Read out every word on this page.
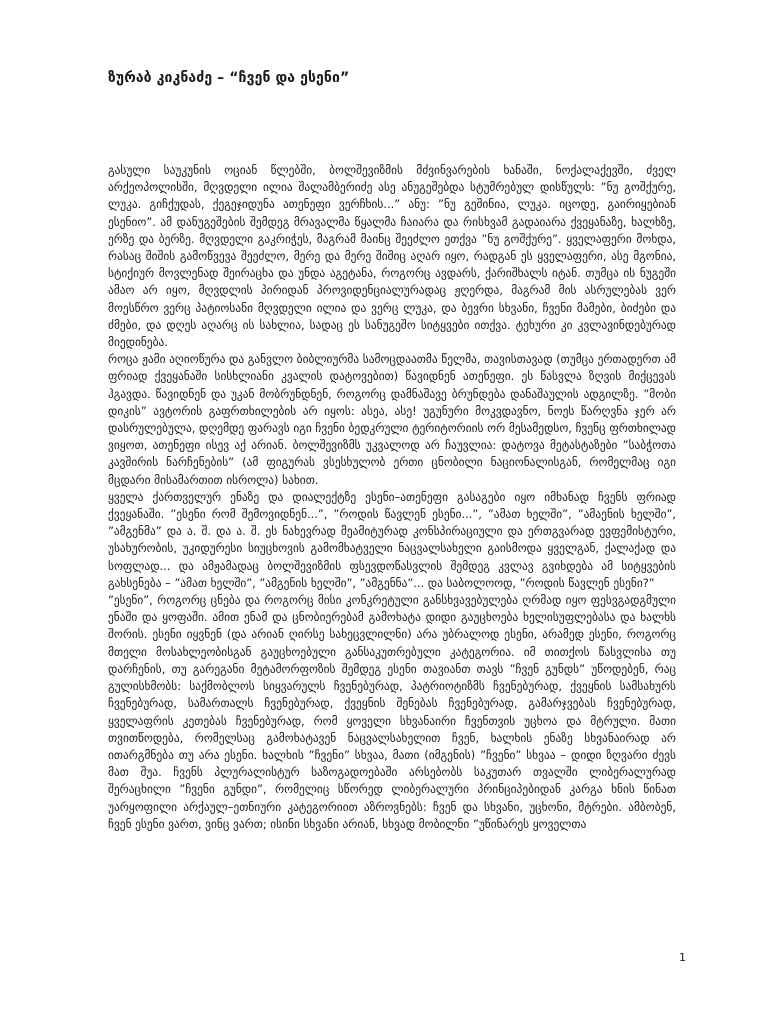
ზურაბ კიკნაძე – “ჩვენ და ესენი”

გასული საუკუნის ოციან წლებში, ბოლშევიზმის მძვინვარების ხანაში, ნოქალაქევში, ძველ არქეოპოლისში, მღვდელი ილია შალამბერიძე ასე ანუგეშებდა სტუმრებულ დისწულს: ”ნუ გოშქურე, ლუკა. გიჩქუდას, ქეგეჯიდუნა ათენეფი ვერჩხის...” ანუ: ”ნუ გეშინია, ლუკა. იცოდე, გაირიყებიან ესენიო”. ამ დანუგეშების შემდეგ მრავალმა წყალმა ჩაიარა და რისხვამ გადაიარა ქვეყანაზე, ხალხზე, ერზე და ბერზე. მღვდელი გაკრიჭეს, მაგრამ მაინც შეეძლო ეთქვა ”ნუ გოშქურე”. ყველაფერი მოხდა, რასაც შიშის გამოწვევა შეეძლო, მერე და მერე შიშიც აღარ იყო, რადგან ეს ყველაფერი, ასე მგონია, სტიქიურ მოვლენად შეირაცხა და უნდა აგეტანა, როგორც ავდარს, ქარიშხალს იტან. თუმცა ის ნუგეში ამაო არ იყო, მღვდლის პირიდან პროვიდენციალურადაც ჟღერდა, მაგრამ მის ასრულებას ვერ მოესწრო ვერც პატიოსანი მღვდელი ილია და ვერც ლუკა, და ბევრი სხვანი, ჩვენი მამები, ბიძები და ძმები, და დღეს აღარც ის სახლია, სადაც ეს სანუგეშო სიტყვები ითქვა. ტეხური კი კვლავინდებურად მიედინება.

როცა ჟამი აღიოწურა და განვლო ბიბლიურმა სამოცდაათმა წელმა, თავისთავად (თუმცა ერთადერთ ამ ფრიად ქვეყანაში სისხლიანი კვალის დატოვებით) წავიდნენ ათენეფი. ეს წასვლა ზღვის მიქცევას ჰგავდა. წავიდნენ და უკან მობრუნდნენ, როგორც დამნაშავე ბრუნდება დანაშაულის ადგილზე. ”მობი დიკის” ავტორის გაფრთხილების არ იყოს: ასეა, ასე! უგუნური მოკვდავნო, ნოეს წარღვნა ჯერ არ დასრულებულა, დღემდე ფარავს იგი ჩვენი ბედკრული ტერიტორიის ორ მესამედსო, ჩვენც ფრთხილად ვიყოთ, ათენეფი ისევ აქ არიან. ბოლშევიზმს უკვალოდ არ ჩაუვლია: დატოვა მეტასტაზები ”საბჭოთა კავშირის ნარჩენების” (ამ ფიგურას ვსესხულობ ერთი ცნობილი ნაციონალისგან, რომელმაც იგი მცდარი მისამართით ისროლა) სახით.

ყველა ქართველურ ენაზე და დიალექტზე ესენი–ათენეფი გასაგები იყო იმხანად ჩვენს ფრიად ქვეყანაში. ”ესენი რომ შემოვიდნენ...”, ”როდის წავლენ ესენი...”, ”ამათ ხელში”, ”ამაენის ხელში”, ”ამგენმა” და ა. შ. და ა. შ. ეს ნახევრად მეამიტურად კონსპირაციული და ერთგვარად ევფემისტური, უსახურობის, უკიდურესი სიუცხოვის გამომხატველი ნაცვალსახელი გაისმოდა ყველგან, ქალაქად და სოფლად... და ამჟამადაც ბოლშევიზმის ფსევდოწასვლის შემდეგ კვლავ გვიხდება ამ სიტყვების გახსენება – ”ამათ ხელში”, ”ამგენის ხელში”, ”ამგენნა”... და საბოლოოდ, ”როდის წავლენ ესენი?”

”ესენი”, როგორც ცნება და როგორც მისი კონკრეტული განსხვავებულება ღრმად იყო ფესვგადგმული ენაში და ყოფაში. ამით ენამ და ცნობიერებამ გამოხატა დიდი გაუცხოება ხელისუფლებასა და ხალხს შორის. ესენი იყვნენ (და არიან ღირსე სახეცვლილნი) არა უბრალოდ ესენი, არამედ ესენი, როგორც მთელი მოსახლეობისგან გაუცხოებული განსაკუთრებული კატეგორია. იმ თითქოს წასვლისა თუ დარჩენის, თუ გარეგანი მეტამორფოზის შემდეგ ესენი თავიანთ თავს ”ჩვენ გუნდს” უწოდებენ, რაც გულისხმობს: საქმობლოს სიყვარულს ჩვენებურად, პატრიოტიზმს ჩვენებურად, ქვეყნის სამსახურს ჩვენებურად, სამართალს ჩვენებურად, ქვეყნის შენებას ჩვენებურად, გამარჯვებას ჩვენებურად, ყველაფრის კეთებას ჩვენებურად, რომ ყოველი სხვანაირი ჩვენთვის უცხოა და მტრული. მათი თვითწოდება, რომელსაც გამოხატავენ ნაცვალსახელით ჩვენ, ხალხის ენაზე სხვანაირად არ ითარგმნება თუ არა ესენი. ხალხის ”ჩვენი” სხვაა, მათი (იმგენის) ”ჩვენი” სხვაა – დიდი ზღვარი ძევს მათ შუა. ჩვენს პლურალისტურ საზოგადოებაში არსებობს საკუთარ თვალში ლიბერალურად შერაცხილი ”ჩვენი გუნდი”, რომელიც სწორედ ლიბერალური პრინციპებიდან კარგა ხნის წინათ უარყოფილი არქაულ–ეთნიური კატეგორიით აზროვნებს: ჩვენ და სხვანი, უცხონი, მტრები. ამბობენ, ჩვენ ესენი ვართ, ვინც ვართ; ისინი სხვანი არიან, სხვად მობილნი ”უწინარეს ყოველთა

1
